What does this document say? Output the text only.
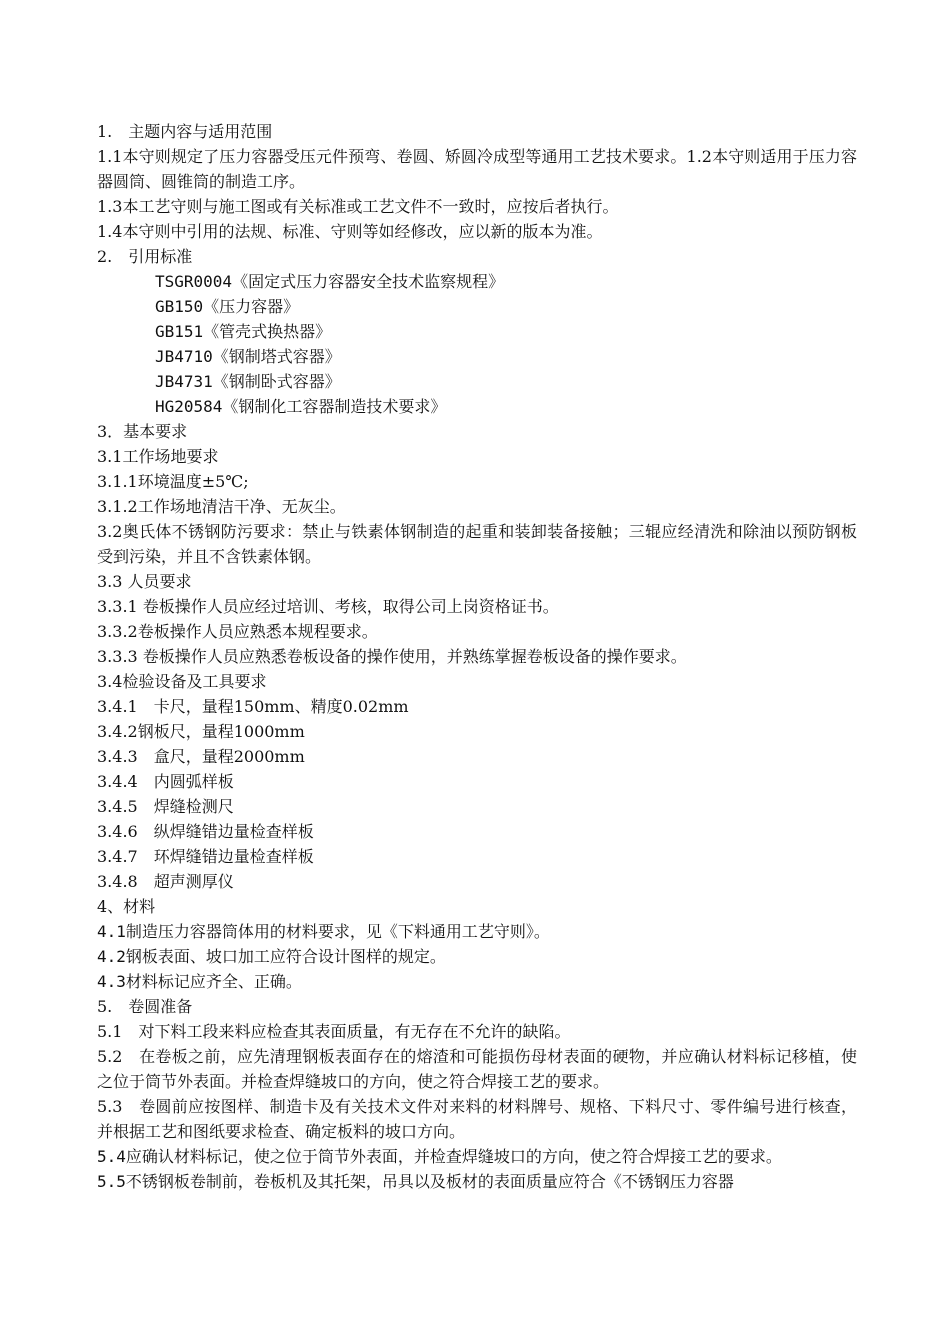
1.　主题内容与适用范围
1.1本守则规定了压力容器受压元件预弯、卷圆、矫圆冷成型等通用工艺技术要求。1.2本守则适用于压力容器圆筒、圆锥筒的制造工序。
1.3本工艺守则与施工图或有关标准或工艺文件不一致时，应按后者执行。
1.4本守则中引用的法规、标准、守则等如经修改，应以新的版本为准。
2.　引用标准
TSGR0004《固定式压力容器安全技术监察规程》
GB150《压力容器》
GB151《管壳式换热器》
JB4710《钢制塔式容器》
JB4731《钢制卧式容器》
HG20584《钢制化工容器制造技术要求》
3．基本要求
3.1工作场地要求
3.1.1环境温度±5℃;
3.1.2工作场地清洁干净、无灰尘。
3.2奥氏体不锈钢防污要求：禁止与铁素体钢制造的起重和装卸装备接触；三辊应经清洗和除油以预防钢板受到污染，并且不含铁素体钢。
3.3 人员要求
3.3.1 卷板操作人员应经过培训、考核，取得公司上岗资格证书。
3.3.2卷板操作人员应熟悉本规程要求。
3.3.3 卷板操作人员应熟悉卷板设备的操作使用，并熟练掌握卷板设备的操作要求。
3.4检验设备及工具要求
3.4.1　卡尺，量程150mm、精度0.02mm
3.4.2钢板尺，量程1000mm
3.4.3　盒尺，量程2000mm
3.4.4　内圆弧样板
3.4.5　焊缝检测尺
3.4.6　纵焊缝错边量检查样板
3.4.7　环焊缝错边量检查样板
3.4.8　超声测厚仪
4、材料
4.1制造压力容器筒体用的材料要求，见《下料通用工艺守则》。
4.2钢板表面、坡口加工应符合设计图样的规定。
4.3材料标记应齐全、正确。
5.　卷圆准备
5.1　对下料工段来料应检查其表面质量，有无存在不允许的缺陷。
5.2　在卷板之前，应先清理钢板表面存在的熔渣和可能损伤母材表面的硬物，并应确认材料标记移植，使之位于筒节外表面。并检查焊缝坡口的方向，使之符合焊接工艺的要求。
5.3　卷圆前应按图样、制造卡及有关技术文件对来料的材料牌号、规格、下料尺寸、零件编号进行核查，并根据工艺和图纸要求检查、确定板料的坡口方向。
5.4应确认材料标记，使之位于筒节外表面，并检查焊缝坡口的方向，使之符合焊接工艺的要求。
5.5不锈钢板卷制前，卷板机及其托架，吊具以及板材的表面质量应符合《不锈钢压力容器
